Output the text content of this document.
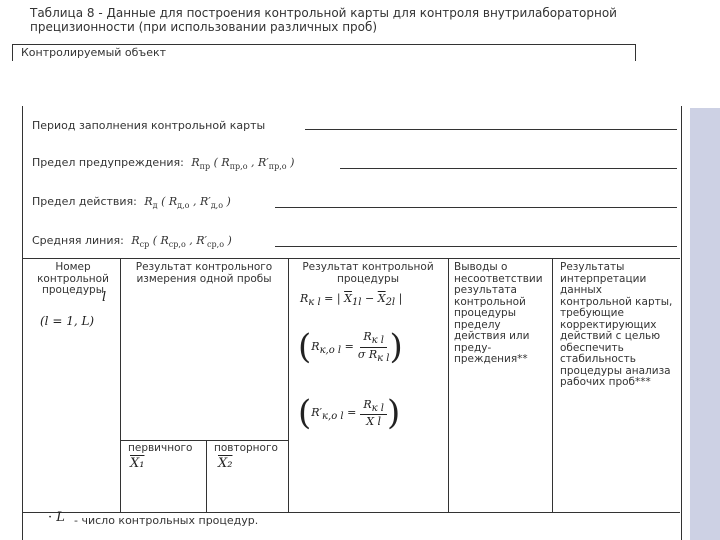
Таблица 8 - Данные для построения контрольной карты для контроля внутрилабораторной прецизионности (при использовании различных проб)
Контролируемый объект
Период заполнения контрольной карты
Предел предупреждения: $R_{пр}$ ( $R_{пр,о}$ , $R'_{пр,о}$ )
Предел действия: $R_д$ ( $R_{д,о}$ , $R'_{д,о}$ )
Средняя линия: $R_{ср}$ ( $R_{ср,о}$ , $R'_{ср,о}$ )
Номер контрольной процедуры
l
(l = 1, L)
Результат контрольного измерения одной пробы
Результат контрольной процедуры
Выводы о несоответствии результата контрольной процедуры пределу действия или преду-преждения**
Результаты интерпретации данных контрольной карты, требующие корректирующих действий с целью обеспечить стабильность процедуры анализа рабочих проб***
$R_{к l}$ = | $\overline{X}_{1l} - \overline{X}_{2l}$ |
($R_{к,о l} = \frac{R_{к l}}{\sigma R_{к l}}$ )
($R'_{к,о l} = \frac{R_{к l}}{\overline{X} l}$ )
первичного
X₁
повторного
X₂
· L - число контрольных процедур.
